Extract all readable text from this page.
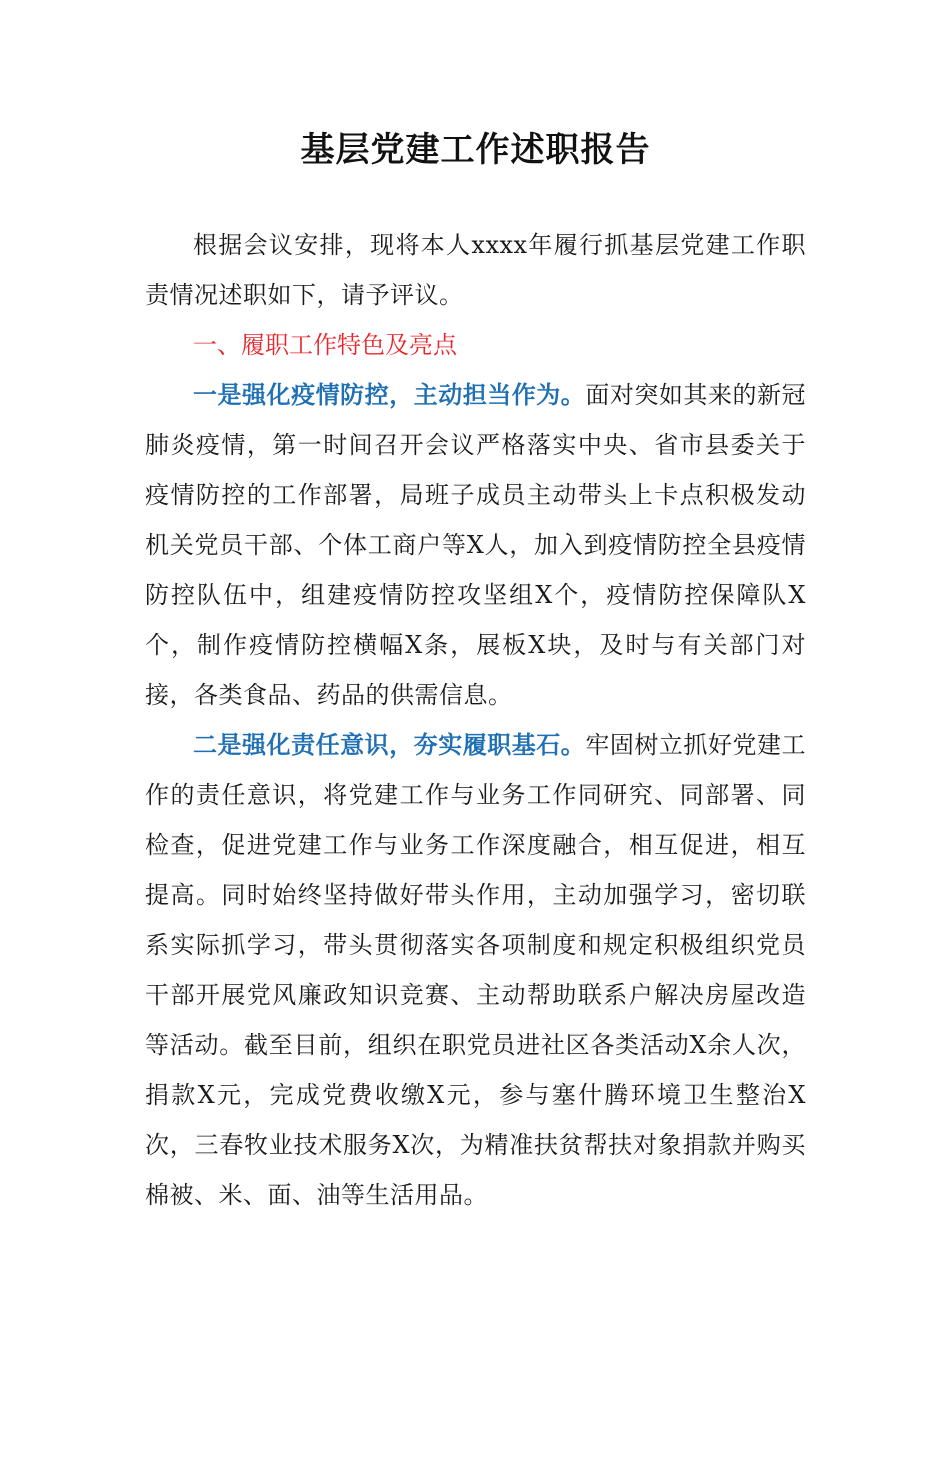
基层党建工作述职报告

根据会议安排，现将本人xxxx年履行抓基层党建工作职责情况述职如下，请予评议。

一、履职工作特色及亮点

一是强化疫情防控，主动担当作为。面对突如其来的新冠肺炎疫情，第一时间召开会议严格落实中央、省市县委关于疫情防控的工作部署，局班子成员主动带头上卡点积极发动机关党员干部、个体工商户等X人，加入到疫情防控全县疫情防控队伍中，组建疫情防控攻坚组X个，疫情防控保障队X个，制作疫情防控横幅X条，展板X块，及时与有关部门对接，各类食品、药品的供需信息。

二是强化责任意识，夯实履职基石。牢固树立抓好党建工作的责任意识，将党建工作与业务工作同研究、同部署、同检查，促进党建工作与业务工作深度融合，相互促进，相互提高。同时始终坚持做好带头作用，主动加强学习，密切联系实际抓学习，带头贯彻落实各项制度和规定积极组织党员干部开展党风廉政知识竞赛、主动帮助联系户解决房屋改造等活动。截至目前，组织在职党员进社区各类活动X余人次，捐款X元，完成党费收缴X元，参与塞什腾环境卫生整治X次，三春牧业技术服务X次，为精准扶贫帮扶对象捐款并购买棉被、米、面、油等生活用品。
